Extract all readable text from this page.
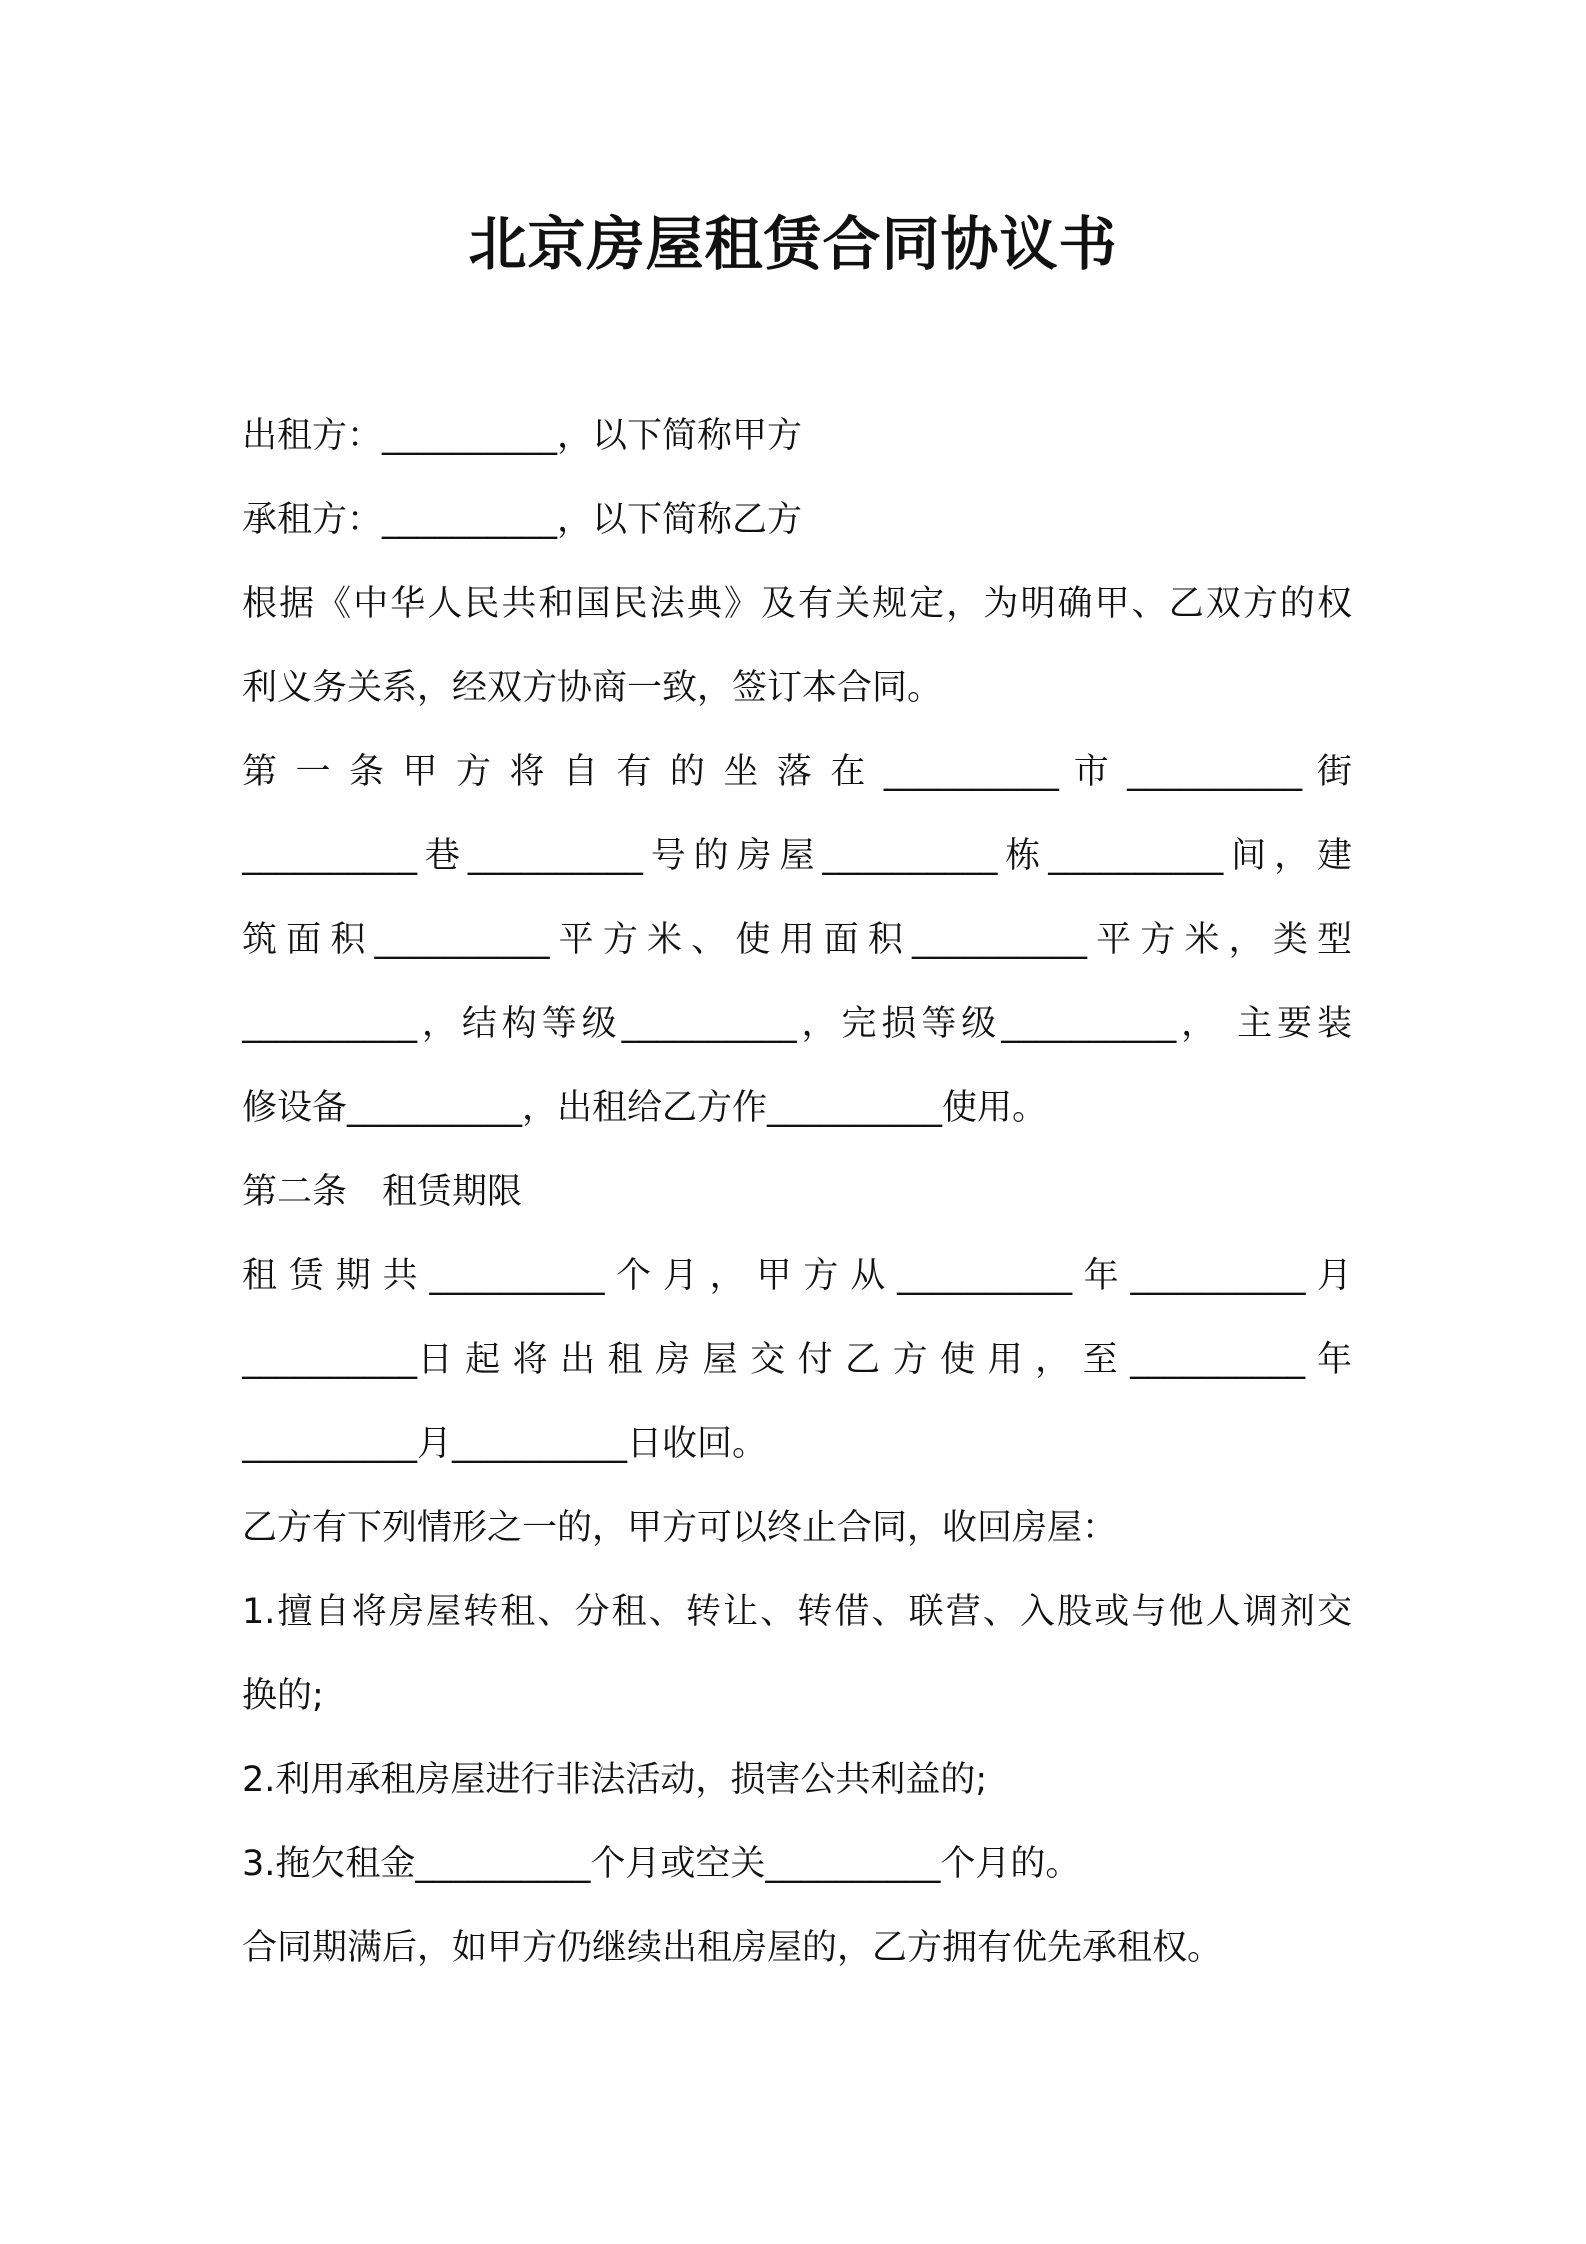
北京房屋租赁合同协议书
出租方：__________，以下简称甲方
承租方：__________，以下简称乙方
根据《中华人民共和国民法典》及有关规定，为明确甲、乙双方的权
利义务关系，经双方协商一致，签订本合同。
第 一 条 甲 方 将 自 有 的 坐 落 在 __________ 市 __________ 街
__________巷__________号的房屋__________栋__________间，建
筑面积__________平方米、使用面积__________平方米，类型
__________，结构等级__________，完损等级__________， 主要装
修设备__________，出租给乙方作__________使用。
第二条　租赁期限
租 赁 期 共 __________ 个 月 ， 甲 方 从 __________ 年 __________ 月
__________日 起 将 出 租 房 屋 交 付 乙 方 使 用 ， 至 __________ 年
__________月__________日收回。
乙方有下列情形之一的，甲方可以终止合同，收回房屋：
1.擅自将房屋转租、分租、转让、转借、联营、入股或与他人调剂交
换的;
2.利用承租房屋进行非法活动，损害公共利益的;
3.拖欠租金__________个月或空关__________个月的。
合同期满后，如甲方仍继续出租房屋的，乙方拥有优先承租权。
